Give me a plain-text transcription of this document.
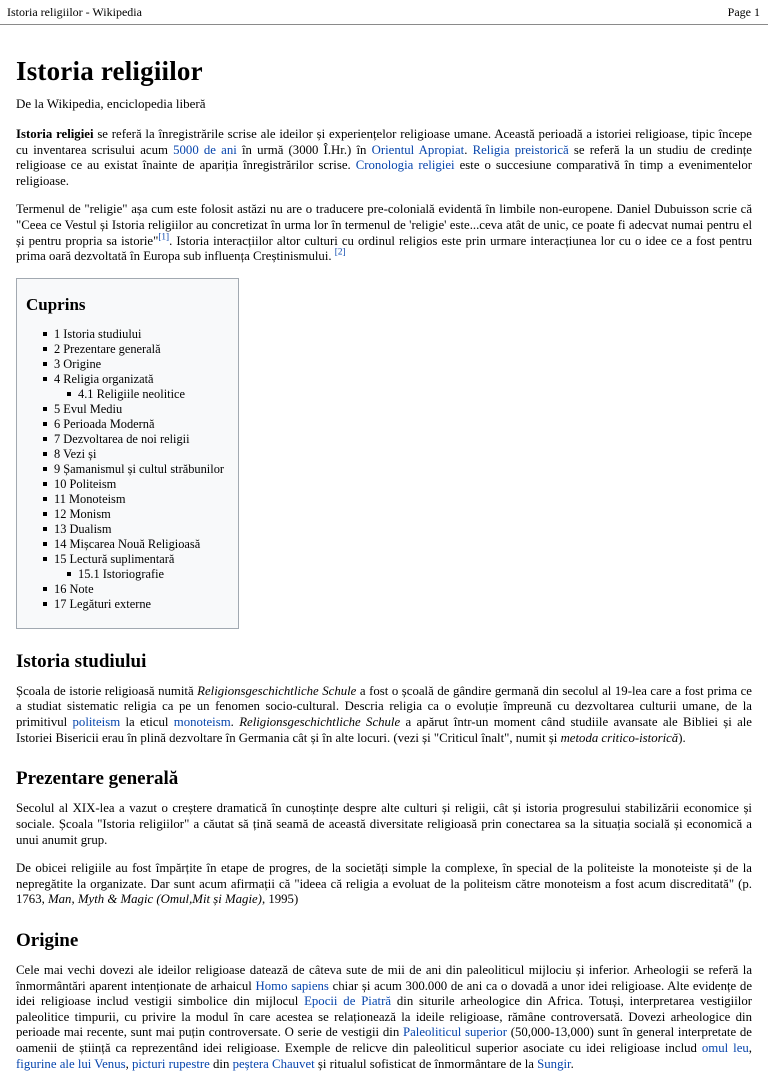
Istoria religiilor - Wikipedia	Page 1
Istoria religiilor

De la Wikipedia, enciclopedia liberă

Istoria religiei se referă la înregistrările scrise ale ideilor și experiențelor religioase umane. Această perioadă a istoriei religioase, tipic începe cu inventarea scrisului acum 5000 de ani în urmă (3000 Î.Hr.) în Orientul Apropiat. Religia preistorică se referă la un studiu de credințe religioase ce au existat înainte de apariția înregistrărilor scrise. Cronologia religiei este o succesiune comparativă în timp a evenimentelor religioase.

Termenul de "religie" așa cum este folosit astăzi nu are o traducere pre-colonială evidentă în limbile non-europene. Daniel Dubuisson scrie că "Ceea ce Vestul și Istoria religiilor au concretizat în urma lor în termenul de 'religie' este...ceva atât de unic, ce poate fi adecvat numai pentru el și pentru propria sa istorie"[1]. Istoria interacțiilor altor culturi cu ordinul religios este prin urmare interacțiunea lor cu o idee ce a fost pentru prima oară dezvoltată în Europa sub influența Creștinismului. [2]

Cuprins
1 Istoria studiului
2 Prezentare generală
3 Origine
4 Religia organizată
4.1 Religiile neolitice
5 Evul Mediu
6 Perioada Modernă
7 Dezvoltarea de noi religii
8 Vezi și
9 Șamanismul și cultul străbunilor
10 Politeism
11 Monoteism
12 Monism
13 Dualism
14 Mișcarea Nouă Religioasă
15 Lectură suplimentară
15.1 Istoriografie
16 Note
17 Legături externe
Istoria studiului

Școala de istorie religioasă numită Religionsgeschichtliche Schule a fost o școală de gândire germană din secolul al 19-lea care a fost prima ce a studiat sistematic religia ca pe un fenomen socio-cultural. Descria religia ca o evoluție împreună cu dezvoltarea culturii umane, de la primitivul politeism la eticul monoteism. Religionsgeschichtliche Schule a apărut într-un moment când studiile avansate ale Bibliei și ale Istoriei Bisericii erau în plină dezvoltare în Germania cât și în alte locuri. (vezi și "Criticul înalt", numit și metoda critico-istorică).

Prezentare generală

Secolul al XIX-lea a vazut o creștere dramatică în cunoștințe despre alte culturi și religii, cât și istoria progresului stabilizării economice și sociale. Școala "Istoria religiilor" a căutat să țină seamă de această diversitate religioasă prin conectarea sa la situația socială și economică a unui anumit grup.

De obicei religiile au fost împărțite în etape de progres, de la societăți simple la complexe, în special de la politeiste la monoteiste și de la nepregătite la organizate. Dar sunt acum afirmații că "ideea că religia a evoluat de la politeism către monoteism a fost acum discreditată" (p. 1763, Man, Myth & Magic (Omul,Mit și Magie), 1995)

Origine

Cele mai vechi dovezi ale ideilor religioase datează de câteva sute de mii de ani din paleoliticul mijlociu și inferior. Arheologii se referă la înmormântări aparent intenționate de arhaicul Homo sapiens chiar și acum 300.000 de ani ca o dovadă a unor idei religioase. Alte evidențe de idei religioase includ vestigii simbolice din mijlocul Epocii de Piatră din siturile arheologice din Africa. Totuși, interpretarea vestigiilor paleolitice timpurii, cu privire la modul în care acestea se relaționează la ideile religioase, rămâne controversată. Dovezi arheologice din perioade mai recente, sunt mai puțin controversate. O serie de vestigii din Paleoliticul superior (50,000-13,000) sunt în general interpretate de oamenii de știință ca reprezentând idei religioase. Exemple de relicve din paleoliticul superior asociate cu idei religioase includ omul leu, figurine ale lui Venus, picturi rupestre din peștera Chauvet și ritualul sofisticat de înmormântare de la Sungir.
